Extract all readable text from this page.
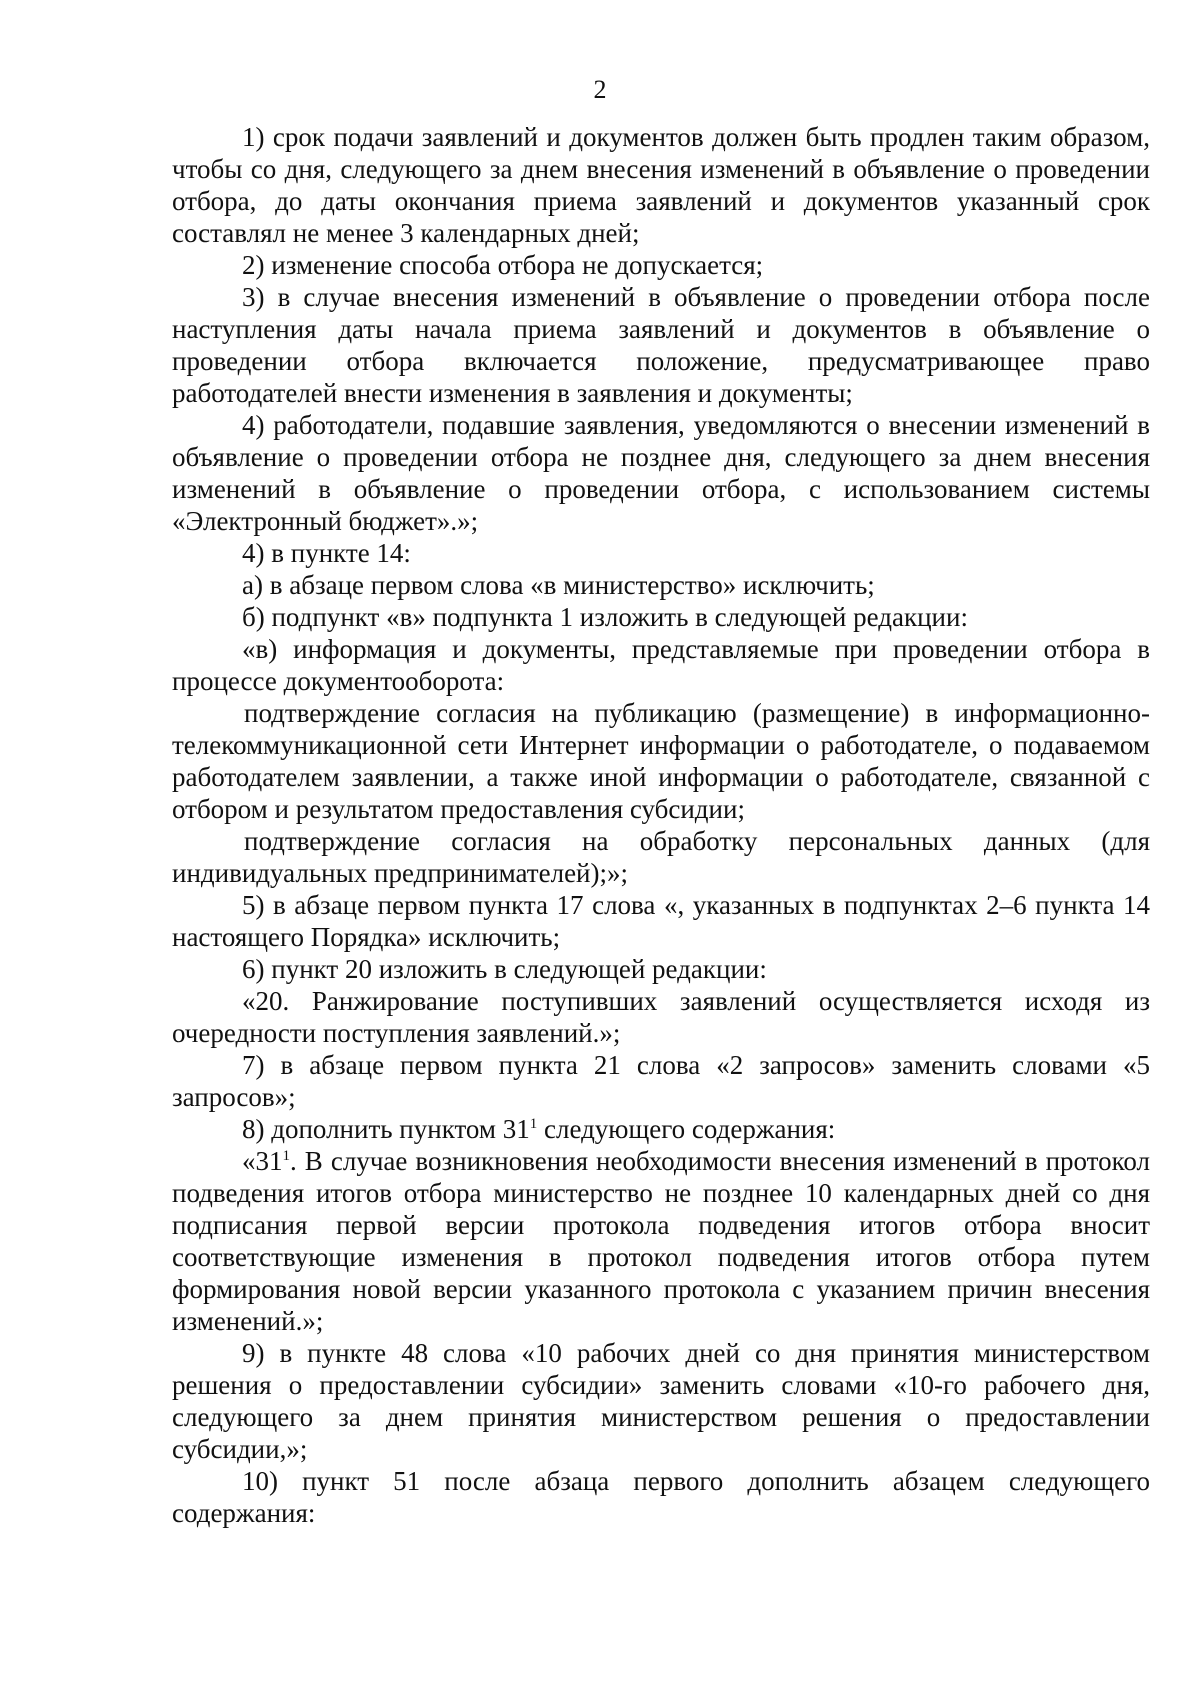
2

1) срок подачи заявлений и документов должен быть продлен таким образом, чтобы со дня, следующего за днем внесения изменений в объявление о проведении отбора, до даты окончания приема заявлений и документов указанный срок составлял не менее 3 календарных дней;

2) изменение способа отбора не допускается;

3) в случае внесения изменений в объявление о проведении отбора после наступления даты начала приема заявлений и документов в объявление о проведении отбора включается положение, предусматривающее право работодателей внести изменения в заявления и документы;

4) работодатели, подавшие заявления, уведомляются о внесении изменений в объявление о проведении отбора не позднее дня, следующего за днем внесения изменений в объявление о проведении отбора, с использованием системы «Электронный бюджет».»;

4) в пункте 14:

а) в абзаце первом слова «в министерство» исключить;

б) подпункт «в» подпункта 1 изложить в следующей редакции:

«в) информация и документы, представляемые при проведении отбора в процессе документооборота:

подтверждение согласия на публикацию (размещение) в информационно-телекоммуникационной сети Интернет информации о работодателе, о подаваемом работодателем заявлении, а также иной информации о работодателе, связанной с отбором и результатом предоставления субсидии;

подтверждение согласия на обработку персональных данных (для индивидуальных предпринимателей);»;

5) в абзаце первом пункта 17 слова «, указанных в подпунктах 2–6 пункта 14 настоящего Порядка» исключить;

6) пункт 20 изложить в следующей редакции:

«20. Ранжирование поступивших заявлений осуществляется исходя из очередности поступления заявлений.»;

7) в абзаце первом пункта 21 слова «2 запросов» заменить словами «5 запросов»;

8) дополнить пунктом $31^1$ следующего содержания:

«$31^1$. В случае возникновения необходимости внесения изменений в протокол подведения итогов отбора министерство не позднее 10 календарных дней со дня подписания первой версии протокола подведения итогов отбора вносит соответствующие изменения в протокол подведения итогов отбора путем формирования новой версии указанного протокола с указанием причин внесения изменений.»;

9) в пункте 48 слова «10 рабочих дней со дня принятия министерством решения о предоставлении субсидии» заменить словами «10-го рабочего дня, следующего за днем принятия министерством решения о предоставлении субсидии,»;

10) пункт 51 после абзаца первого дополнить абзацем следующего содержания:
